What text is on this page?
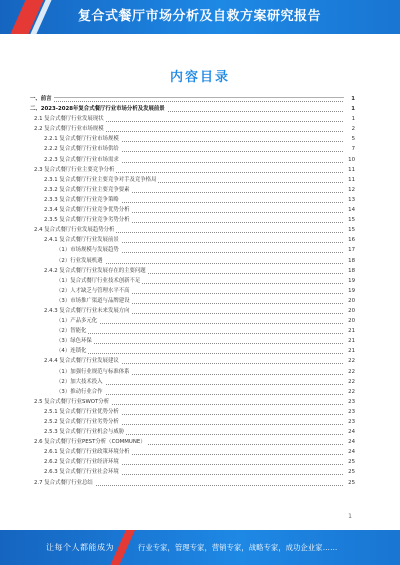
复合式餐厅市场分析及自救方案研究报告
内容目录
一、前言	1
二、2023-2028年复合式餐厅行业市场分析及发展前景	1
2.1 复合式餐厅行业发展现状	1
2.2 复合式餐厅行业市场规模	2
2.2.1 复合式餐厅行业市场规模	5
2.2.2 复合式餐厅行业市场供给	7
2.2.3 复合式餐厅行业市场需求	10
2.3 复合式餐厅行业主要竞争分析	11
2.3.1 复合式餐厅行业主要竞争对手及竞争格局	11
2.3.2 复合式餐厅行业主要竞争要素	12
2.3.3 复合式餐厅行业竞争策略	13
2.3.4 复合式餐厅行业竞争优势分析	14
2.3.5 复合式餐厅行业竞争劣势分析	15
2.4 复合式餐厅行业发展趋势分析	15
2.4.1 复合式餐厅行业发展前景	16
（1）市场规模与发展趋势	17
（2）行业发展机遇	18
2.4.2 复合式餐厅行业发展存在的主要问题	18
（1）复合式餐厅行业技术创新不足	19
（2）人才缺乏与管理水平不高	19
（3）市场推广渠道与品牌建设	20
2.4.3 复合式餐厅行业未来发展方向	20
（1）产品多元化	20
（2）智能化	21
（3）绿色环保	21
（4）连锁化	21
2.4.4 复合式餐厅行业发展建议	22
（1）加强行业规范与标准体系	22
（2）加大技术投入	22
（3）推动行业合作	22
2.5 复合式餐厅行业SWOT分析	23
2.5.1 复合式餐厅行业优势分析	23
2.5.2 复合式餐厅行业劣势分析	23
2.5.3 复合式餐厅行业机会与威胁	24
2.6 复合式餐厅行业PEST分析（COMMUNE）	24
2.6.1 复合式餐厅行业政策环境分析	24
2.6.2 复合式餐厅行业经济环境	25
2.6.3 复合式餐厅行业社会环境	25
2.7 复合式餐厅行业总结	25
1
让每个人都能成为	行业专家，管理专家，营销专家，战略专家，成功企业家……
